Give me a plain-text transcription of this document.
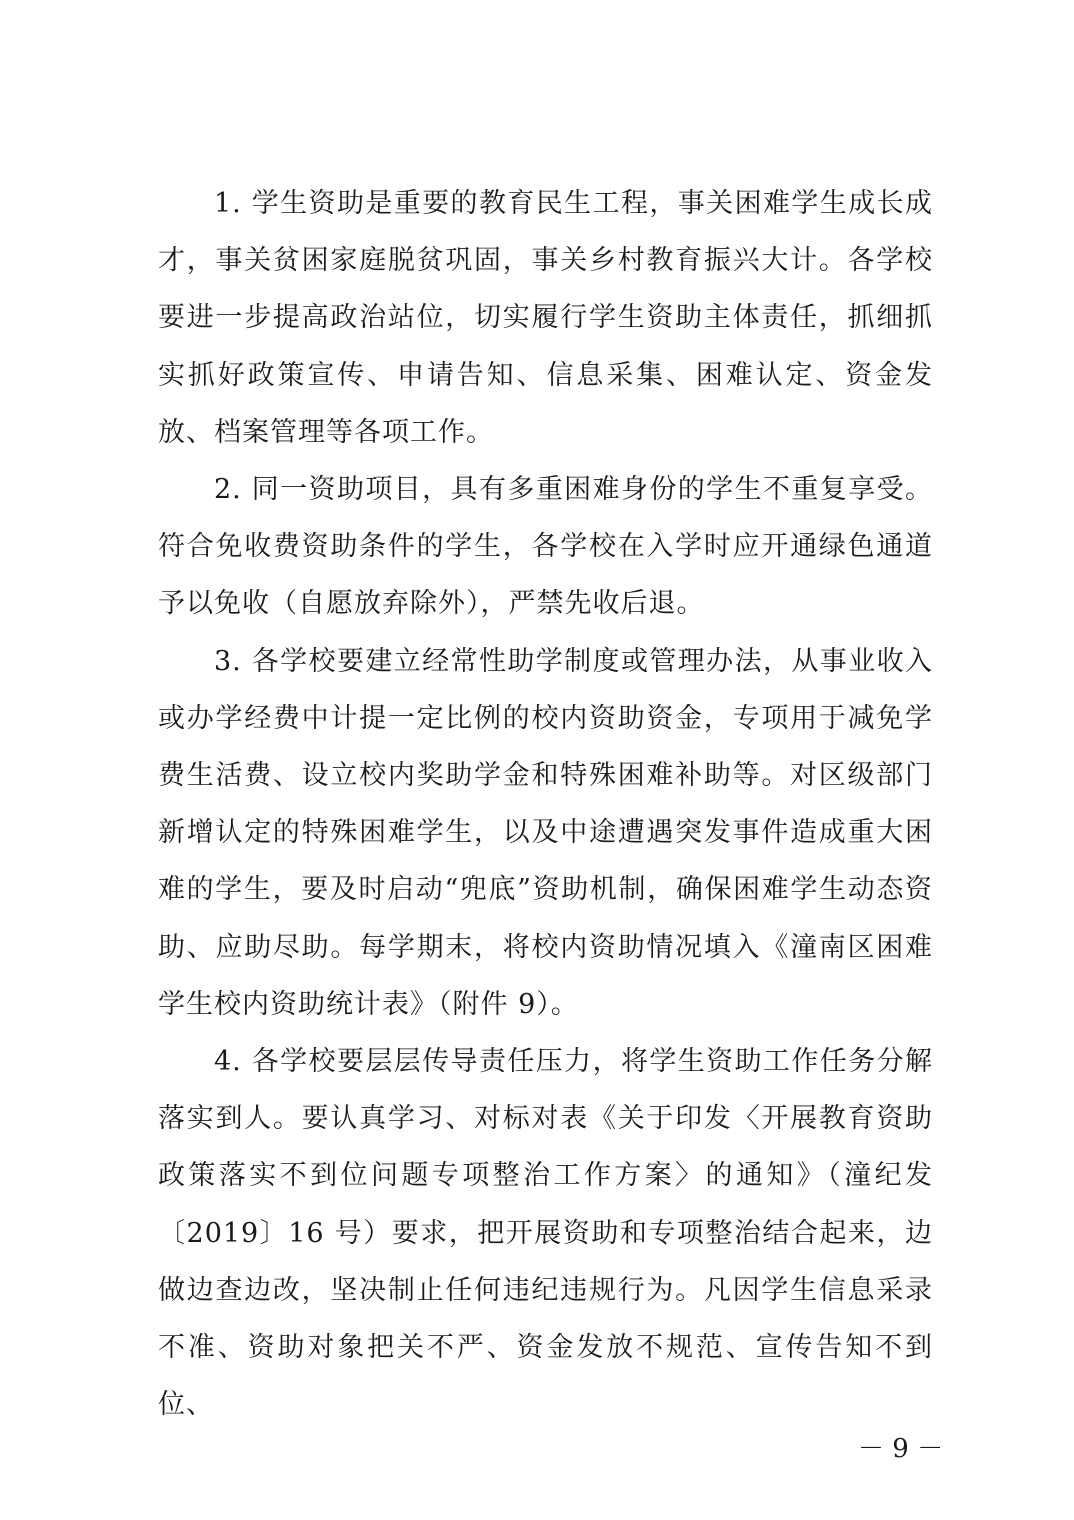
1. 学生资助是重要的教育民生工程，事关困难学生成长成才，事关贫困家庭脱贫巩固，事关乡村教育振兴大计。各学校要进一步提高政治站位，切实履行学生资助主体责任，抓细抓实抓好政策宣传、申请告知、信息采集、困难认定、资金发放、档案管理等各项工作。

2. 同一资助项目，具有多重困难身份的学生不重复享受。符合免收费资助条件的学生，各学校在入学时应开通绿色通道予以免收（自愿放弃除外），严禁先收后退。

3. 各学校要建立经常性助学制度或管理办法，从事业收入或办学经费中计提一定比例的校内资助资金，专项用于减免学费生活费、设立校内奖助学金和特殊困难补助等。对区级部门新增认定的特殊困难学生，以及中途遭遇突发事件造成重大困难的学生，要及时启动“兜底”资助机制，确保困难学生动态资助、应助尽助。每学期末，将校内资助情况填入《潼南区困难学生校内资助统计表》（附件 9）。

4. 各学校要层层传导责任压力，将学生资助工作任务分解落实到人。要认真学习、对标对表《关于印发〈开展教育资助政策落实不到位问题专项整治工作方案〉的通知》（潼纪发〔2019〕16 号）要求，把开展资助和专项整治结合起来，边做边查边改，坚决制止任何违纪违规行为。凡因学生信息采录不准、资助对象把关不严、资金发放不规范、宣传告知不到位、

－ 9 －
